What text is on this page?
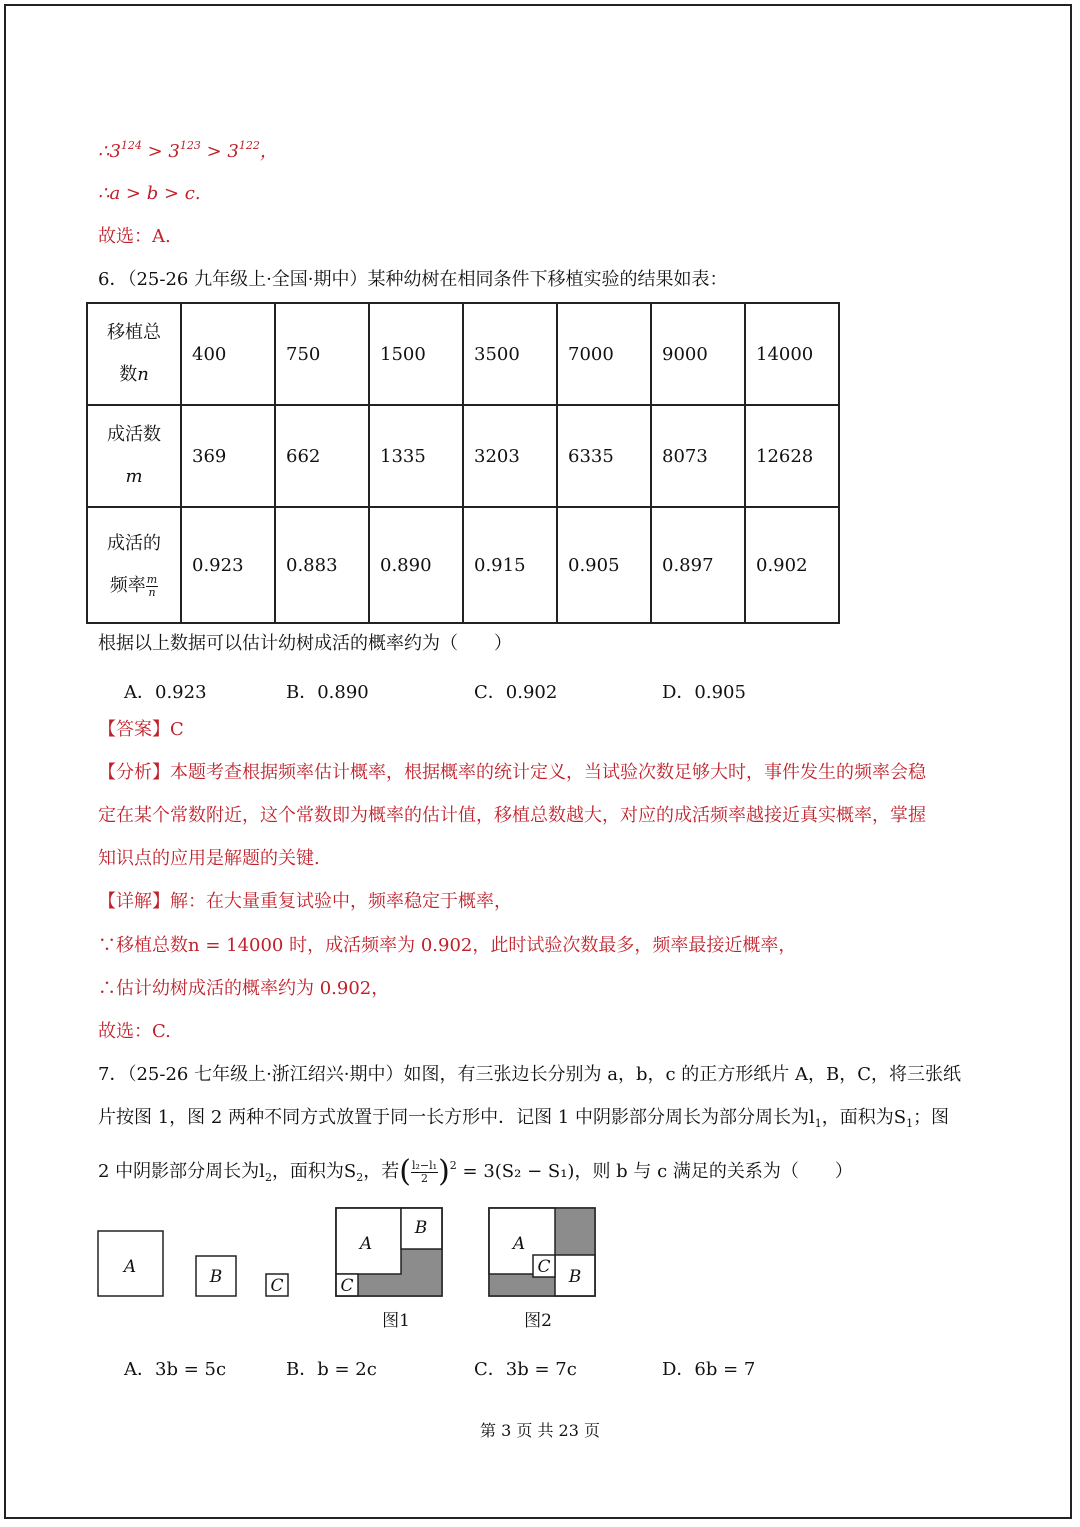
$\therefore 3^{124} > 3^{123} > 3^{122}$，
∴a > b > c.
故选：A.
6．（25-26 九年级上·全国·期中）某种幼树在相同条件下移植实验的结果如表：
移植总
数n	400	750	1500	3500	7000	9000	14000
成活数
m	369	662	1335	3203	6335	8073	12628
成活的
频率 $\frac{m}{n}$	0.923	0.883	0.890	0.915	0.905	0.897	0.902
根据以上数据可以估计幼树成活的概率约为（　　）
A．0.923	B．0.890	C．0.902	D．0.905
【答案】C
【分析】本题考查根据频率估计概率，根据概率的统计定义，当试验次数足够大时，事件发生的频率会稳
定在某个常数附近，这个常数即为概率的估计值，移植总数越大，对应的成活频率越接近真实概率，掌握
知识点的应用是解题的关键.
【详解】解：在大量重复试验中，频率稳定于概率，
∵移植总数n = 14000 时，成活频率为 0.902，此时试验次数最多，频率最接近概率，
∴估计幼树成活的概率约为 0.902，
故选：C.
7．（25-26 七年级上·浙江绍兴·期中）如图，有三张边长分别为 a，b，c 的正方形纸片 A，B，C，将三张纸
片按图 1，图 2 两种不同方式放置于同一长方形中．记图 1 中阴影部分周长为部分周长为$l_1$，面积为$S_1$；图
2 中阴影部分周长为$l_2$，面积为$S_2$，若( $\frac{\text{l₂−l₁}}{2} )^2 = 3(S_2 - S_1)$，则 b 与 c 满足的关系为（　　）
A	B	C
A
B
C
A
B
C
图1	图2
A．3b = 5c	B．b = 2c	C．3b = 7c	D．6b = 7
第 3 页 共 23 页
